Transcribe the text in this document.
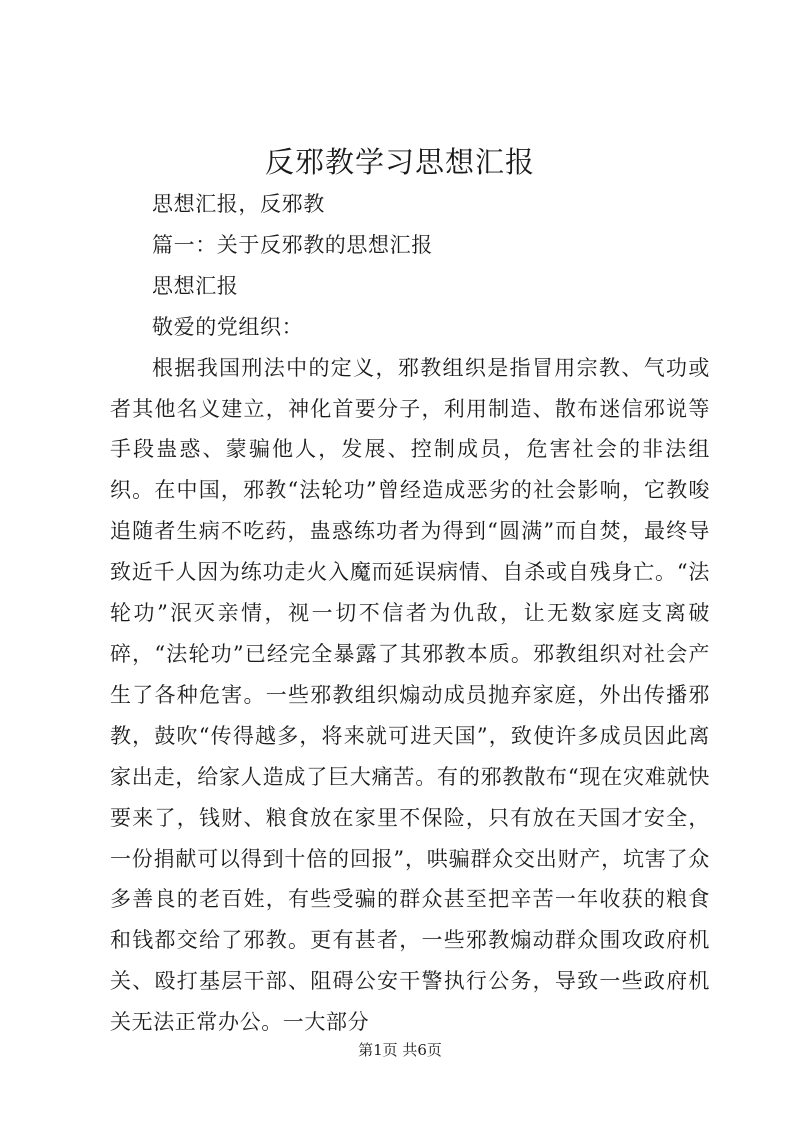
反邪教学习思想汇报

思想汇报，反邪教

篇一：关于反邪教的思想汇报

思想汇报

敬爱的党组织：

根据我国刑法中的定义，邪教组织是指冒用宗教、气功或者其他名义建立，神化首要分子，利用制造、散布迷信邪说等手段蛊惑、蒙骗他人，发展、控制成员，危害社会的非法组织。在中国，邪教“法轮功”曾经造成恶劣的社会影响，它教唆追随者生病不吃药，蛊惑练功者为得到“圆满”而自焚，最终导致近千人因为练功走火入魔而延误病情、自杀或自残身亡。“法轮功”泯灭亲情，视一切不信者为仇敌，让无数家庭支离破碎，“法轮功”已经完全暴露了其邪教本质。邪教组织对社会产生了各种危害。一些邪教组织煽动成员抛弃家庭，外出传播邪教，鼓吹“传得越多，将来就可进天国”，致使许多成员因此离家出走，给家人造成了巨大痛苦。有的邪教散布“现在灾难就快要来了，钱财、粮食放在家里不保险，只有放在天国才安全，一份捐献可以得到十倍的回报”，哄骗群众交出财产，坑害了众多善良的老百姓，有些受骗的群众甚至把辛苦一年收获的粮食和钱都交给了邪教。更有甚者，一些邪教煽动群众围攻政府机关、殴打基层干部、阻碍公安干警执行公务，导致一些政府机关无法正常办公。一大部分

第1页 共6页
